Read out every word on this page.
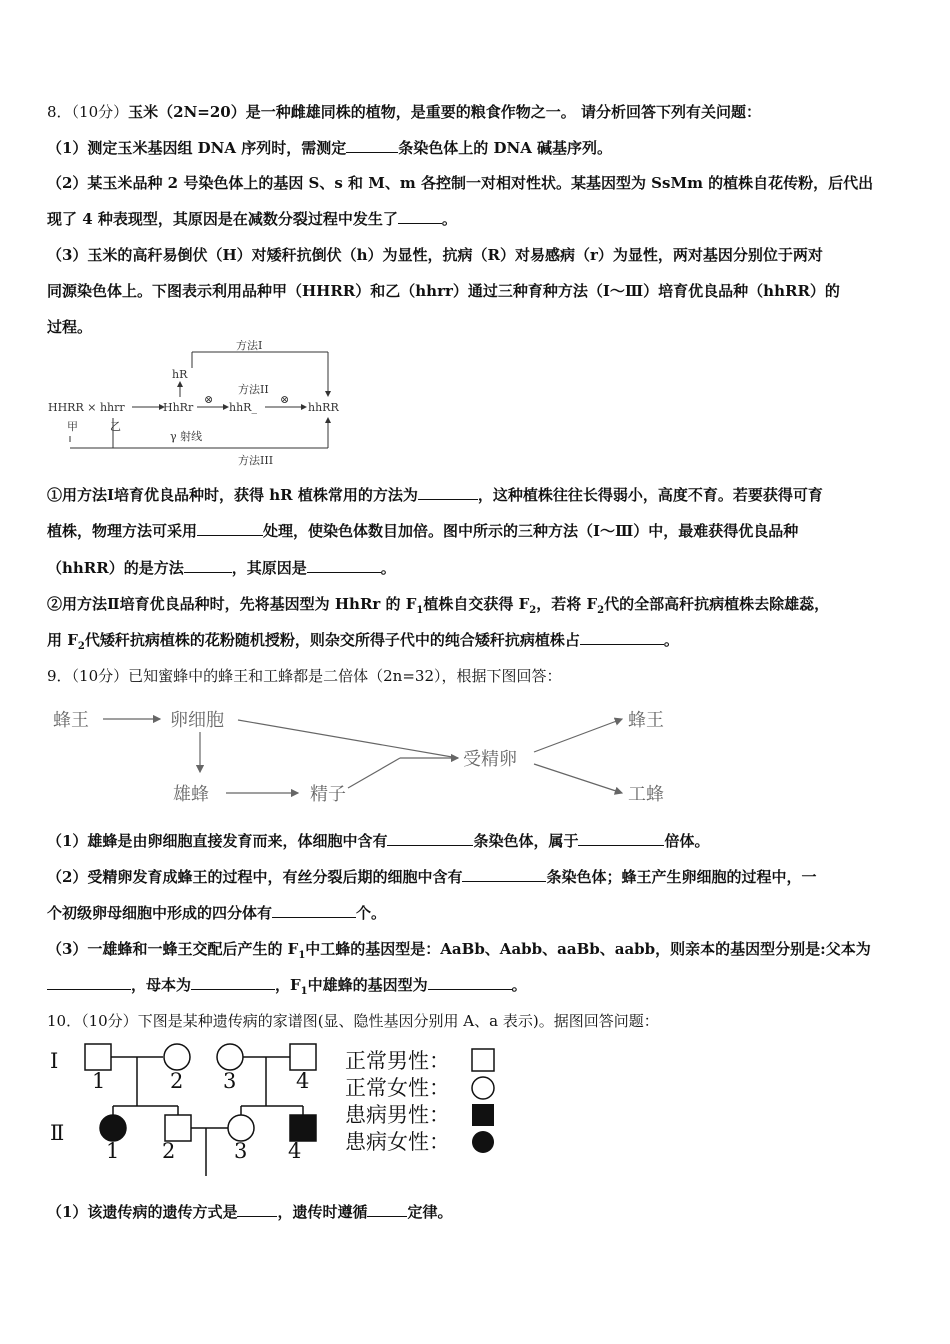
8．（10分）玉米（2N=20）是一种雌雄同株的植物，是重要的粮食作物之一。 请分析回答下列有关问题：
（1）测定玉米基因组 DNA 序列时，需测定	条染色体上的 DNA 碱基序列。
（2）某玉米品种 2 号染色体上的基因 S、s 和 M、m 各控制一对相对性状。某基因型为 SsMm 的植株自花传粉，后代出
现了 4 种表现型，其原因是在减数分裂过程中发生了	。
（3）玉米的高秆易倒伏（H）对矮秆抗倒伏（h）为显性，抗病（R）对易感病（r）为显性，两对基因分别位于两对
同源染色体上。下图表示利用品种甲（HHRR）和乙（hhrr）通过三种育种方法（Ⅰ～Ⅲ）培育优良品种（hhRR）的
过程。
HHRR × hhrr
甲	乙
HhRr
hR
方法I
⊗
hhR_
方法II
⊗
hhRR
γ 射线
方法III
①用方法Ⅰ培育优良品种时，获得 hR 植株常用的方法为	，这种植株往往长得弱小，高度不育。若要获得可育
植株，物理方法可采用	处理，使染色体数目加倍。图中所示的三种方法（Ⅰ～Ⅲ）中，最难获得优良品种
（hhRR）的是方法	，其原因是	。
②用方法Ⅱ培育优良品种时，先将基因型为 HhRr 的 $F_1$植株自交获得 $F_2$，若将 $F_2$代的全部高秆抗病植株去除雄蕊，
用 $F_2$代矮秆抗病植株的花粉随机授粉，则杂交所得子代中的纯合矮秆抗病植株占	。
9．（10分）已知蜜蜂中的蜂王和工蜂都是二倍体（2n=32），根据下图回答：
蜂王	卵细胞
雄蜂	精子
受精卵
蜂王
工蜂
（1）雄蜂是由卵细胞直接发育而来，体细胞中含有	条染色体，属于	倍体。
（2）受精卵发育成蜂王的过程中，有丝分裂后期的细胞中含有	条染色体；蜂王产生卵细胞的过程中，一
个初级卵母细胞中形成的四分体有	个。
（3）一雄蜂和一蜂王交配后产生的 $F_1$中工蜂的基因型是：AaBb、Aabb、aaBb、aabb，则亲本的基因型分别是:父本为
，母本为	，$F_1$中雄蜂的基因型为	。
10．（10分）下图是某种遗传病的家谱图(显、隐性基因分别用 A、a 表示)。据图回答问题：
Ⅰ
Ⅱ
1	2 3	4
1 2	3 4
正常男性：
正常女性：
患病男性：
患病女性：
（1）该遗传病的遗传方式是	，遗传时遵循	定律。
